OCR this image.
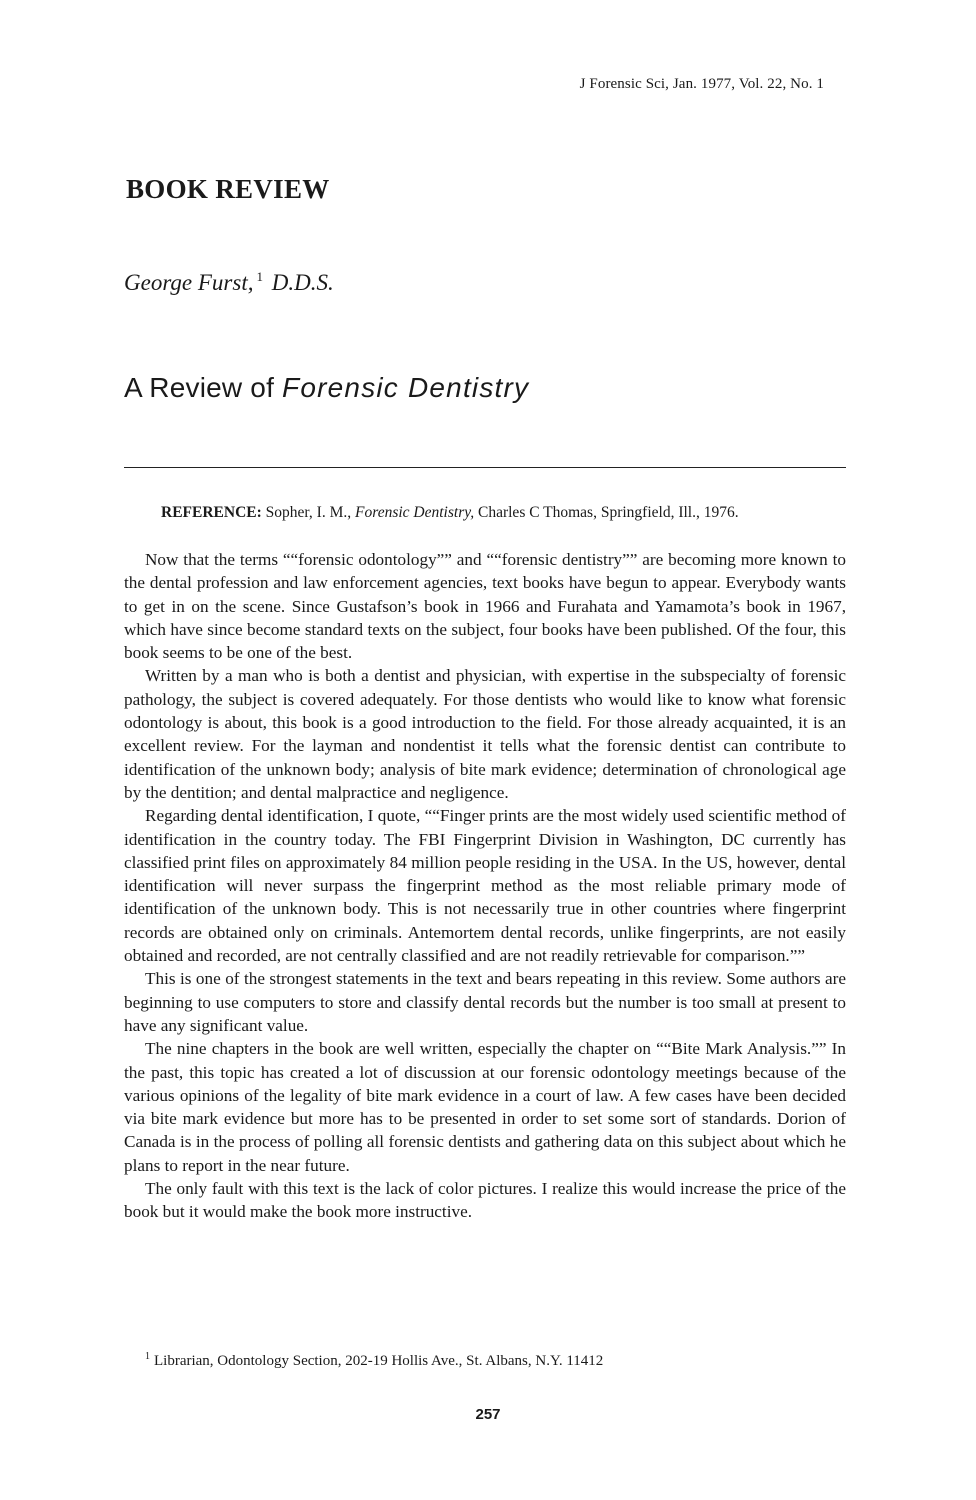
J Forensic Sci, Jan. 1977, Vol. 22, No. 1
BOOK REVIEW
George Furst, $^1$ D.D.S.
A Review of Forensic Dentistry
REFERENCE: Sopher, I. M., Forensic Dentistry, Charles C Thomas, Springfield, Ill., 1976.

Now that the terms ““forensic odontology”” and ““forensic dentistry”” are becoming more known to the dental profession and law enforcement agencies, text books have begun to appear. Everybody wants to get in on the scene. Since Gustafson’s book in 1966 and Furahata and Yamamota’s book in 1967, which have since become standard texts on the subject, four books have been published. Of the four, this book seems to be one of the best.

Written by a man who is both a dentist and physician, with expertise in the subspecialty of forensic pathology, the subject is covered adequately. For those dentists who would like to know what forensic odontology is about, this book is a good introduction to the field. For those already acquainted, it is an excellent review. For the layman and nondentist it tells what the forensic dentist can contribute to identification of the unknown body; analysis of bite mark evidence; determination of chronological age by the dentition; and dental malpractice and negligence.

Regarding dental identification, I quote, ““Finger prints are the most widely used scientific method of identification in the country today. The FBI Fingerprint Division in Washington, DC currently has classified print files on approximately 84 million people residing in the USA. In the US, however, dental identification will never surpass the fingerprint method as the most reliable primary mode of identification of the unknown body. This is not necessarily true in other countries where fingerprint records are obtained only on criminals. Antemortem dental records, unlike fingerprints, are not easily obtained and recorded, are not centrally classified and are not readily retrievable for comparison.””

This is one of the strongest statements in the text and bears repeating in this review. Some authors are beginning to use computers to store and classify dental records but the number is too small at present to have any significant value.

The nine chapters in the book are well written, especially the chapter on ““Bite Mark Analysis.”” In the past, this topic has created a lot of discussion at our forensic odontology meetings because of the various opinions of the legality of bite mark evidence in a court of law. A few cases have been decided via bite mark evidence but more has to be presented in order to set some sort of standards. Dorion of Canada is in the process of polling all forensic dentists and gathering data on this subject about which he plans to report in the near future.

The only fault with this text is the lack of color pictures. I realize this would increase the price of the book but it would make the book more instructive.

$^1$ Librarian, Odontology Section, 202-19 Hollis Ave., St. Albans, N.Y. 11412
257
